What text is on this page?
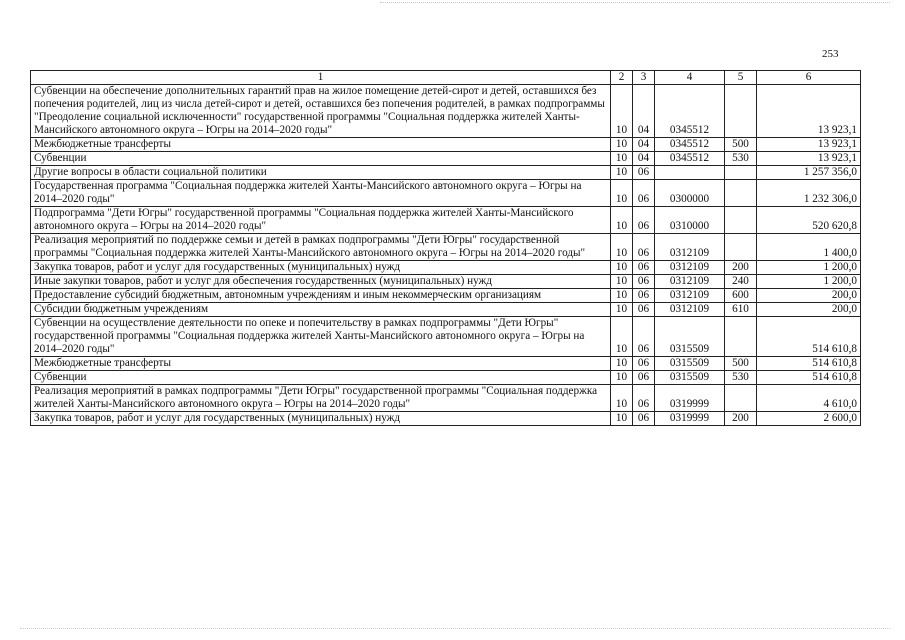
253
1	2	3	4	5	6
Субвенции на обеспечение дополнительных гарантий прав на жилое помещение детей-сирот и детей, оставшихся без попечения родителей, лиц из числа детей-сирот и детей, оставшихся без попечения родителей, в рамках подпрограммы "Преодоление социальной исключенности" государственной программы "Социальная поддержка жителей Ханты-Мансийского автономного округа – Югры на 2014–2020 годы"	10	04	0345512		13 923,1
Межбюджетные трансферты	10	04	0345512	500	13 923,1
Субвенции	10	04	0345512	530	13 923,1
Другие вопросы в области социальной политики	10	06			1 257 356,0
Государственная программа "Социальная поддержка жителей Ханты-Мансийского автономного округа – Югры на 2014–2020 годы"	10	06	0300000		1 232 306,0
Подпрограмма "Дети Югры" государственной программы "Социальная поддержка жителей Ханты-Мансийского автономного округа – Югры на 2014–2020 годы"	10	06	0310000		520 620,8
Реализация мероприятий по поддержке семьи и детей в рамках подпрограммы "Дети Югры" государственной программы "Социальная поддержка жителей Ханты-Мансийского автономного округа – Югры на 2014–2020 годы"	10	06	0312109		1 400,0
Закупка товаров, работ и услуг для государственных (муниципальных) нужд	10	06	0312109	200	1 200,0
Иные закупки товаров, работ и услуг для обеспечения государственных (муниципальных) нужд	10	06	0312109	240	1 200,0
Предоставление субсидий бюджетным, автономным учреждениям и иным некоммерческим организациям	10	06	0312109	600	200,0
Субсидии бюджетным учреждениям	10	06	0312109	610	200,0
Субвенции на осуществление деятельности по опеке и попечительству в рамках подпрограммы "Дети Югры" государственной программы "Социальная поддержка жителей Ханты-Мансийского автономного округа – Югры на 2014–2020 годы"	10	06	0315509		514 610,8
Межбюджетные трансферты	10	06	0315509	500	514 610,8
Субвенции	10	06	0315509	530	514 610,8
Реализация мероприятий в рамках подпрограммы "Дети Югры" государственной программы "Социальная поддержка жителей Ханты-Мансийского автономного округа – Югры на 2014–2020 годы"	10	06	0319999		4 610,0
Закупка товаров, работ и услуг для государственных (муниципальных) нужд	10	06	0319999	200	2 600,0
